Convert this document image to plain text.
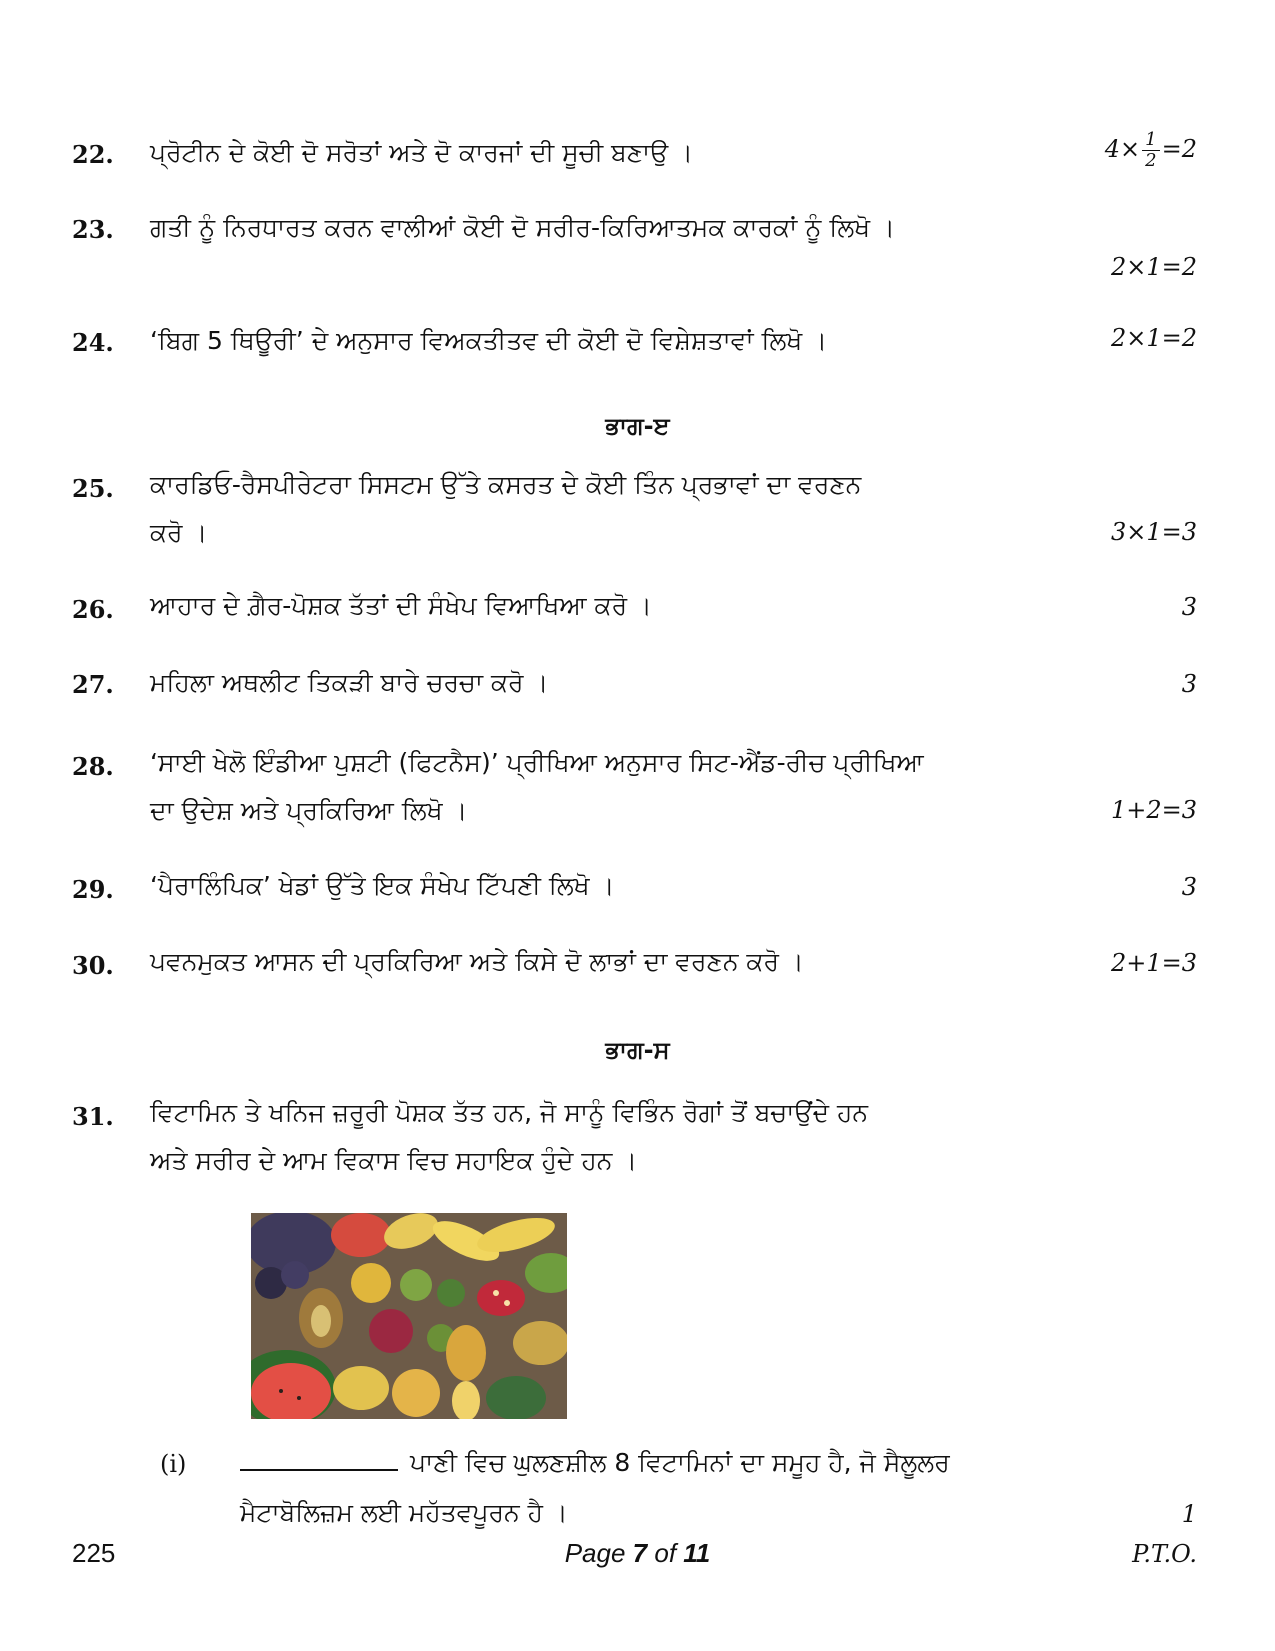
22. ਪ੍ਰੋਟੀਨ ਦੇ ਕੋਈ ਦੋ ਸਰੋਤਾਂ ਅਤੇ ਦੋ ਕਾਰਜਾਂ ਦੀ ਸੂਚੀ ਬਣਾਉ ।	$4\times \frac{1}{2} =2$
23. ਗਤੀ ਨੂੰ ਨਿਰਧਾਰਤ ਕਰਨ ਵਾਲੀਆਂ ਕੋਈ ਦੋ ਸਰੀਰ-ਕਿਰਿਆਤਮਕ ਕਾਰਕਾਂ ਨੂੰ ਲਿਖੋ ।
2×1=2
24. ‘ਬਿਗ 5 ਥਿਊਰੀ’ ਦੇ ਅਨੁਸਾਰ ਵਿਅਕਤੀਤਵ ਦੀ ਕੋਈ ਦੋ ਵਿਸ਼ੇਸ਼ਤਾਵਾਂ ਲਿਖੋ ।	2×1=2
ਭਾਗ-ੲ
25. ਕਾਰਡਿਓ-ਰੈਸਪੀਰੇਟਰਾ ਸਿਸਟਮ ਉੱਤੇ ਕਸਰਤ ਦੇ ਕੋਈ ਤਿੰਨ ਪ੍ਰਭਾਵਾਂ ਦਾ ਵਰਣਨ
ਕਰੋ ।	3×1=3
26. ਆਹਾਰ ਦੇ ਗ਼ੈਰ-ਪੋਸ਼ਕ ਤੱਤਾਂ ਦੀ ਸੰਖੇਪ ਵਿਆਖਿਆ ਕਰੋ ।	3
27. ਮਹਿਲਾ ਅਥਲੀਟ ਤਿਕੜੀ ਬਾਰੇ ਚਰਚਾ ਕਰੋ ।	3
28. ‘ਸਾਈ ਖੇਲੋ ਇੰਡੀਆ ਪੁਸ਼ਟੀ (ਫਿਟਨੈਸ)’ ਪ੍ਰੀਖਿਆ ਅਨੁਸਾਰ ਸਿਟ-ਐਂਡ-ਰੀਚ ਪ੍ਰੀਖਿਆ
ਦਾ ਉਦੇਸ਼ ਅਤੇ ਪ੍ਰਕਿਰਿਆ ਲਿਖੋ ।	1+2=3
29. ‘ਪੈਰਾਲਿੰਪਿਕ’ ਖੇਡਾਂ ਉੱਤੇ ਇਕ ਸੰਖੇਪ ਟਿੱਪਣੀ ਲਿਖੋ ।	3
30. ਪਵਨਮੁਕਤ ਆਸਨ ਦੀ ਪ੍ਰਕਿਰਿਆ ਅਤੇ ਕਿਸੇ ਦੋ ਲਾਭਾਂ ਦਾ ਵਰਣਨ ਕਰੋ ।	2+1=3
ਭਾਗ-ਸ
31. ਵਿਟਾਮਿਨ ਤੇ ਖਨਿਜ ਜ਼ਰੂਰੀ ਪੋਸ਼ਕ ਤੱਤ ਹਨ, ਜੋ ਸਾਨੂੰ ਵਿਭਿੰਨ ਰੋਗਾਂ ਤੋਂ ਬਚਾਉਂਦੇ ਹਨ
ਅਤੇ ਸਰੀਰ ਦੇ ਆਮ ਵਿਕਾਸ ਵਿਚ ਸਹਾਇਕ ਹੁੰਦੇ ਹਨ ।
(i)	ਪਾਣੀ ਵਿਚ ਘੁਲਣਸ਼ੀਲ 8 ਵਿਟਾਮਿਨਾਂ ਦਾ ਸਮੂਹ ਹੈ, ਜੋ ਸੈਲੂਲਰ
ਮੈਟਾਬੋਲਿਜ਼ਮ ਲਈ ਮਹੱਤਵਪੂਰਨ ਹੈ ।	1
225	Page 7 of 11	P.T.O.
